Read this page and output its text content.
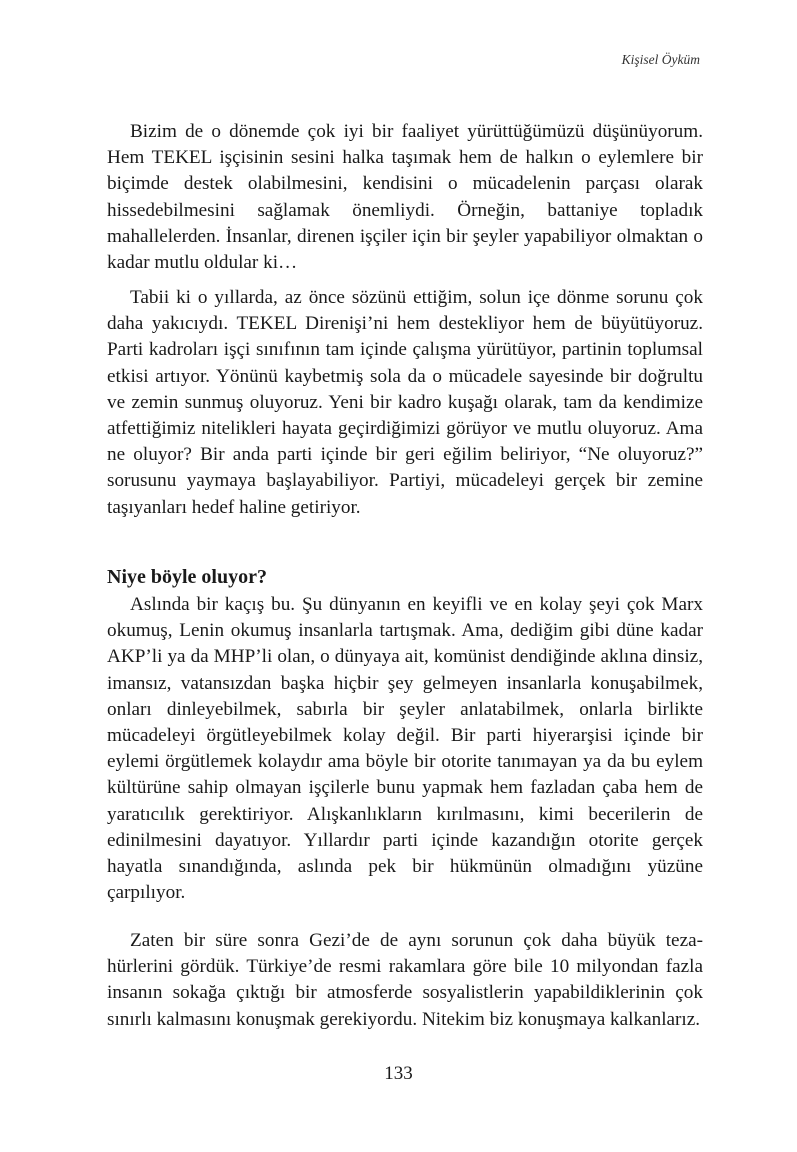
Kişisel Öyküm

Bizim de o dönemde çok iyi bir faaliyet yürüttüğümüzü düşünüyorum. Hem TEKEL işçisinin sesini halka taşımak hem de halkın o eylemlere bir biçimde destek olabilmesini, kendisini o mücadelenin parçası olarak hissedebilmesini sağlamak önemliydi. Örneğin, battaniye topladık mahallelerden. İnsanlar, direnen işçiler için bir şeyler yapabiliyor olmaktan o kadar mutlu oldular ki…

Tabii ki o yıllarda, az önce sözünü ettiğim, solun içe dönme sorunu çok daha yakıcıydı. TEKEL Direnişi’ni hem destekliyor hem de büyütüyoruz. Parti kadroları işçi sınıfının tam içinde çalışma yürütüyor, partinin toplumsal etkisi artıyor. Yönünü kaybetmiş sola da o mücadele sayesinde bir doğrultu ve zemin sunmuş oluyoruz. Yeni bir kadro kuşağı olarak, tam da kendimize atfettiğimiz nitelikleri hayata geçirdiğimizi görüyor ve mutlu oluyoruz. Ama ne oluyor? Bir anda parti içinde bir geri eğilim beliriyor, “Ne oluyoruz?” sorusunu yaymaya başlayabiliyor. Partiyi, mücadeleyi gerçek bir zemine taşıyanları hedef haline getiriyor.

Niye böyle oluyor?

Aslında bir kaçış bu. Şu dünyanın en keyifli ve en kolay şeyi çok Marx okumuş, Lenin okumuş insanlarla tartışmak. Ama, dediğim gibi düne kadar AKP’li ya da MHP’li olan, o dünyaya ait, komünist dendiğinde aklına dinsiz, imansız, vatansızdan başka hiçbir şey gelmeyen insanlarla konuşabilmek, onları dinleyebilmek, sabırla bir şeyler anlatabilmek, onlarla birlikte mücadeleyi örgütleyebilmek kolay değil. Bir parti hiyerarşisi içinde bir eylemi örgütlemek kolaydır ama böyle bir otorite tanımayan ya da bu eylem kültürüne sahip olmayan işçilerle bunu yapmak hem fazladan çaba hem de yaratıcılık gerektiriyor. Alışkanlıkların kırılmasını, kimi becerilerin de edinilmesini dayatıyor. Yıllardır parti içinde kazandığın otorite gerçek hayatla sınandığında, aslında pek bir hükmünün olmadığını yüzüne çarpılıyor.

Zaten bir süre sonra Gezi’de de aynı sorunun çok daha büyük tezahürlerini gördük. Türkiye’de resmi rakamlara göre bile 10 milyondan fazla insanın sokağa çıktığı bir atmosferde sosyalistlerin yapabildiklerinin çok sınırlı kalmasını konuşmak gerekiyordu. Nitekim biz konuşmaya kalkanlarız.

133
